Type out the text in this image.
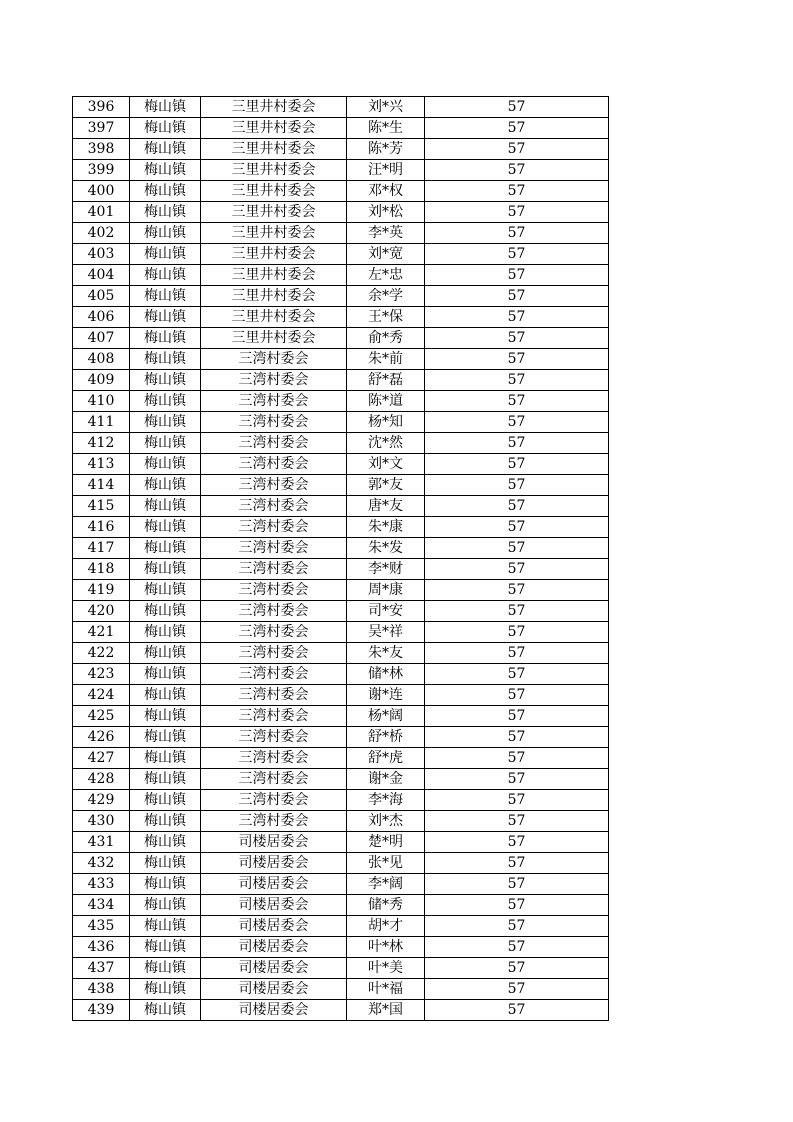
396	梅山镇	三里井村委会	刘*兴	57
397	梅山镇	三里井村委会	陈*生	57
398	梅山镇	三里井村委会	陈*芳	57
399	梅山镇	三里井村委会	汪*明	57
400	梅山镇	三里井村委会	邓*权	57
401	梅山镇	三里井村委会	刘*松	57
402	梅山镇	三里井村委会	李*英	57
403	梅山镇	三里井村委会	刘*宽	57
404	梅山镇	三里井村委会	左*忠	57
405	梅山镇	三里井村委会	余*学	57
406	梅山镇	三里井村委会	王*保	57
407	梅山镇	三里井村委会	俞*秀	57
408	梅山镇	三湾村委会	朱*前	57
409	梅山镇	三湾村委会	舒*磊	57
410	梅山镇	三湾村委会	陈*道	57
411	梅山镇	三湾村委会	杨*知	57
412	梅山镇	三湾村委会	沈*然	57
413	梅山镇	三湾村委会	刘*文	57
414	梅山镇	三湾村委会	郭*友	57
415	梅山镇	三湾村委会	唐*友	57
416	梅山镇	三湾村委会	朱*康	57
417	梅山镇	三湾村委会	朱*发	57
418	梅山镇	三湾村委会	李*财	57
419	梅山镇	三湾村委会	周*康	57
420	梅山镇	三湾村委会	司*安	57
421	梅山镇	三湾村委会	吴*祥	57
422	梅山镇	三湾村委会	朱*友	57
423	梅山镇	三湾村委会	储*林	57
424	梅山镇	三湾村委会	谢*连	57
425	梅山镇	三湾村委会	杨*阔	57
426	梅山镇	三湾村委会	舒*桥	57
427	梅山镇	三湾村委会	舒*虎	57
428	梅山镇	三湾村委会	谢*金	57
429	梅山镇	三湾村委会	李*海	57
430	梅山镇	三湾村委会	刘*杰	57
431	梅山镇	司楼居委会	楚*明	57
432	梅山镇	司楼居委会	张*见	57
433	梅山镇	司楼居委会	李*阔	57
434	梅山镇	司楼居委会	储*秀	57
435	梅山镇	司楼居委会	胡*才	57
436	梅山镇	司楼居委会	叶*林	57
437	梅山镇	司楼居委会	叶*美	57
438	梅山镇	司楼居委会	叶*福	57
439	梅山镇	司楼居委会	郑*国	57
